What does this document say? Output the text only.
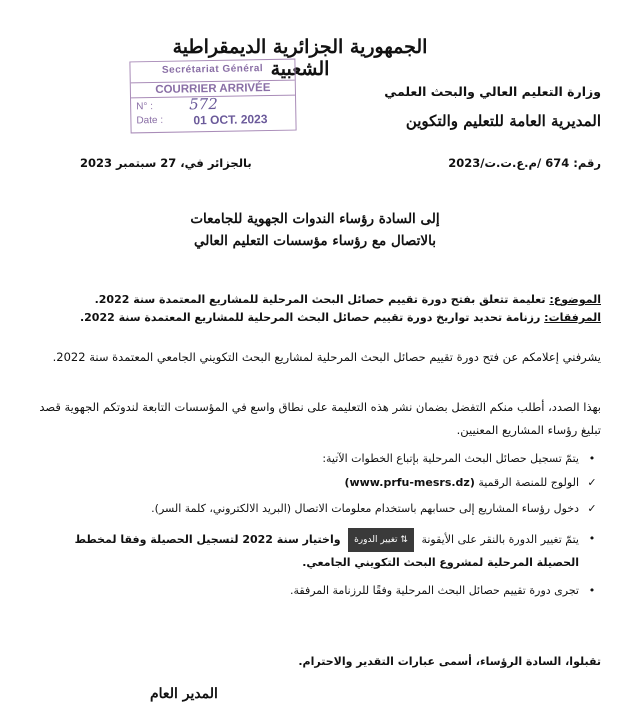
الجمهورية الجزائرية الديمقراطية الشعبية
وزارة التعليم العالي والبحث العلمي
المديرية العامة للتعليم والتكوين
Secrétariat Général
COURRIER ARRIVÉE
N° : 572
Date :	01 OCT. 2023
رقم: 674 /م.ع.ت.ت/2023
بالجزائر في، 27 سبتمبر 2023
إلى السادة رؤساء الندوات الجهوية للجامعات
بالاتصال مع رؤساء مؤسسات التعليم العالي
الموضوع: تعليمة تتعلق بفتح دورة تقييم حصائل البحث المرحلية للمشاريع المعتمدة سنة 2022.
المرفقات: رزنامة تحديد تواريخ دورة تقييم حصائل البحث المرحلية للمشاريع المعتمدة سنة 2022.
يشرفني إعلامكم عن فتح دورة تقييم حصائل البحث المرحلية لمشاريع البحث التكويني الجامعي المعتمدة سنة 2022.
بهذا الصدد، أطلب منكم التفضل بضمان نشر هذه التعليمة على نطاق واسع في المؤسسات التابعة لندوتكم الجهوية قصد تبليغ رؤساء المشاريع المعنيين.

•
يتمّ تسجيل حصائل البحث المرحلية بإتباع الخطوات الآتية:

✓
الولوج للمنصة الرقمية (www.prfu-mesrs.dz)

✓
دخول رؤساء المشاريع إلى حسابهم باستخدام معلومات الاتصال (البريد الالكتروني، كلمة السر).

•
يتمّ تغيير الدورة بالنقر على الأيقونة ⇅ تغيير الدورة واختيار سنة 2022 لتسجيل الحصيلة وفقا لمخطط الحصيلة المرحلية لمشروع البحث التكويني الجامعي.

•
تجرى دورة تقييم حصائل البحث المرحلية وفقًا للرزنامة المرفقة.

تقبلوا، السادة الرؤساء، أسمى عبارات التقدير والاحترام.
المدير العام
